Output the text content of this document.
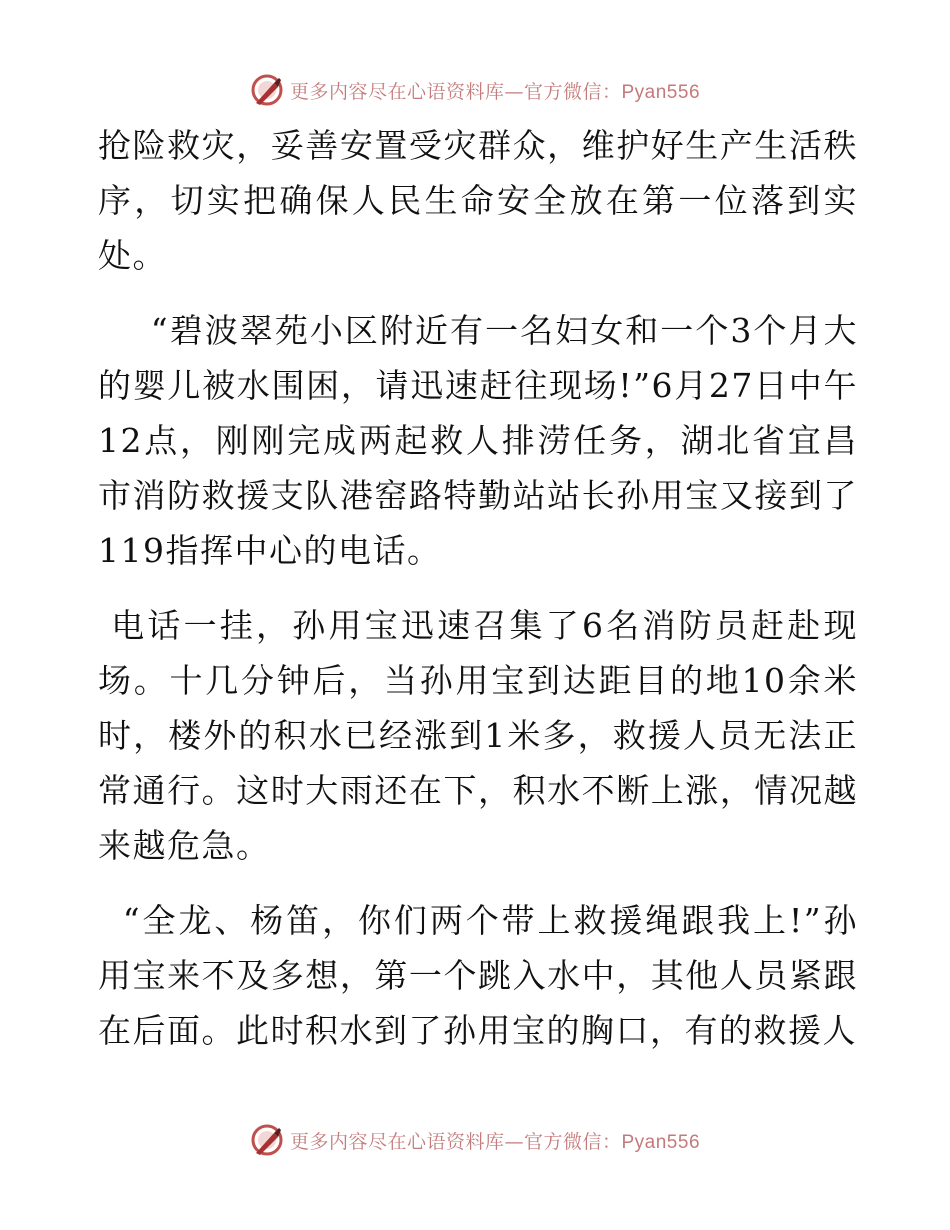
更多内容尽在心语资料库—官方微信：Pyan556

抢险救灾，妥善安置受灾群众，维护好生产生活秩序，切实把确保人民生命安全放在第一位落到实处。

“碧波翠苑小区附近有一名妇女和一个3个月大的婴儿被水围困，请迅速赶往现场!”6月27日中午12点，刚刚完成两起救人排涝任务，湖北省宜昌市消防救援支队港窑路特勤站站长孙用宝又接到了119指挥中心的电话。

电话一挂，孙用宝迅速召集了6名消防员赶赴现场。十几分钟后，当孙用宝到达距目的地10余米时，楼外的积水已经涨到1米多，救援人员无法正常通行。这时大雨还在下，积水不断上涨，情况越来越危急。

“全龙、杨笛，你们两个带上救援绳跟我上!”孙用宝来不及多想，第一个跳入水中，其他人员紧跟在后面。此时积水到了孙用宝的胸口，有的救援人

更多内容尽在心语资料库—官方微信：Pyan556
